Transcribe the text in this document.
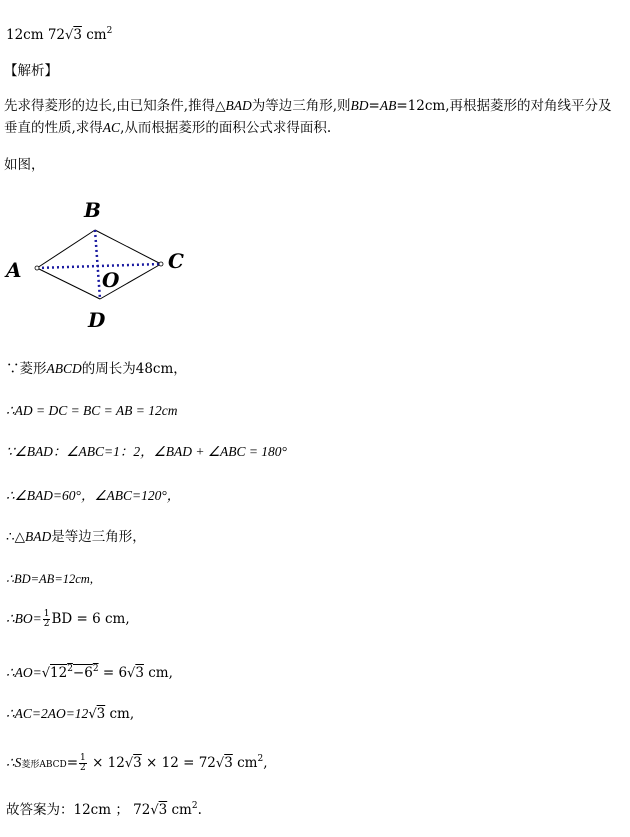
12cm 72√3 $cm^2$
【解析】
先求得菱形的边长,由已知条件,推得△BAD为等边三角形,则BD=AB=12cm,再根据菱形的对角线平分及垂直的性质,求得AC,从而根据菱形的面积公式求得面积.
如图，
A
B
C
D
O
∵菱形ABCD的周长为48cm，
∴AD = DC = BC = AB = 12cm
∵∠BAD：∠ABC=1：2，∠BAD + ∠ABC = 180°
∴∠BAD=60°，∠ABC=120°，
∴△BAD是等边三角形，
∴BD=AB=12cm,
∴BO= $\frac{1}{2}$ BD = 6 cm,
$\therefore AO=√12^2-6^2 = 6√3$ cm,
∴AC=2AO=12√3 cm,
∴S菱形ABCD= $\frac{1}{2} \times 12√3 \times 12 = 72√3$ $cm^2$,
故答案为：12cm ； 72√3 $cm^2$.
